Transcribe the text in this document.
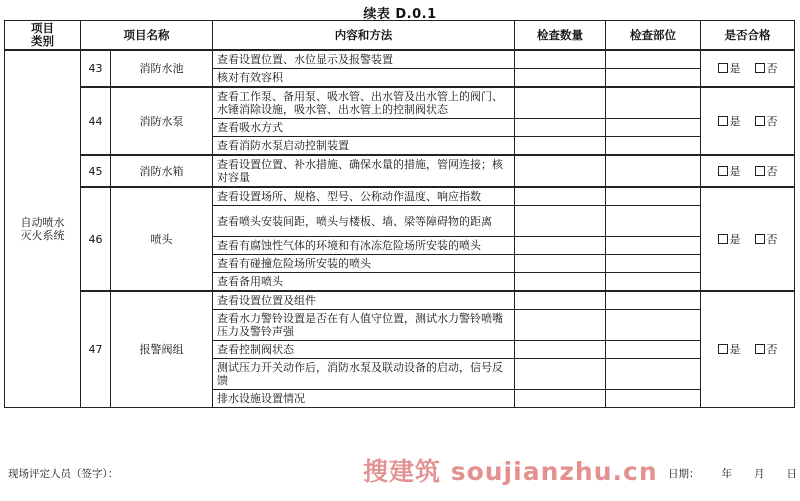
续表 D.0.1
项目
类别	项目名称		内容和方法	检查数量	检查部位	是否合格
自动喷水
灭火系统	43	消防水池	查看设置位置、水位显示及报警装置			是 否
			核对有效容积			
	44	消防水泵	查看工作泵、备用泵、吸水管、出水管及出水管上的阀门、水锤消除设施，吸水管、出水管上的控制阀状态			是 否
			查看吸水方式			
			查看消防水泵启动控制装置			
	45	消防水箱	查看设置位置、补水措施、确保水量的措施，管网连接；核对容量			是 否
	46	喷头	查看设置场所、规格、型号、公称动作温度、响应指数			是 否
			查看喷头安装间距，喷头与楼板、墙、梁等障碍物的距离			
			查看有腐蚀性气体的环境和有冰冻危险场所安装的喷头			
			查看有碰撞危险场所安装的喷头			
			查看备用喷头			
	47	报警阀组	查看设置位置及组件			是 否
			查看水力警铃设置是否在有人值守位置，测试水力警铃喷嘴压力及警铃声强			
			查看控制阀状态			
			测试压力开关动作后，消防水泵及联动设备的启动，信号反馈			
			排水设施设置情况			
搜建筑 soujianzhu.cn
现场评定人员（签字）：	日期： 年 月 日
